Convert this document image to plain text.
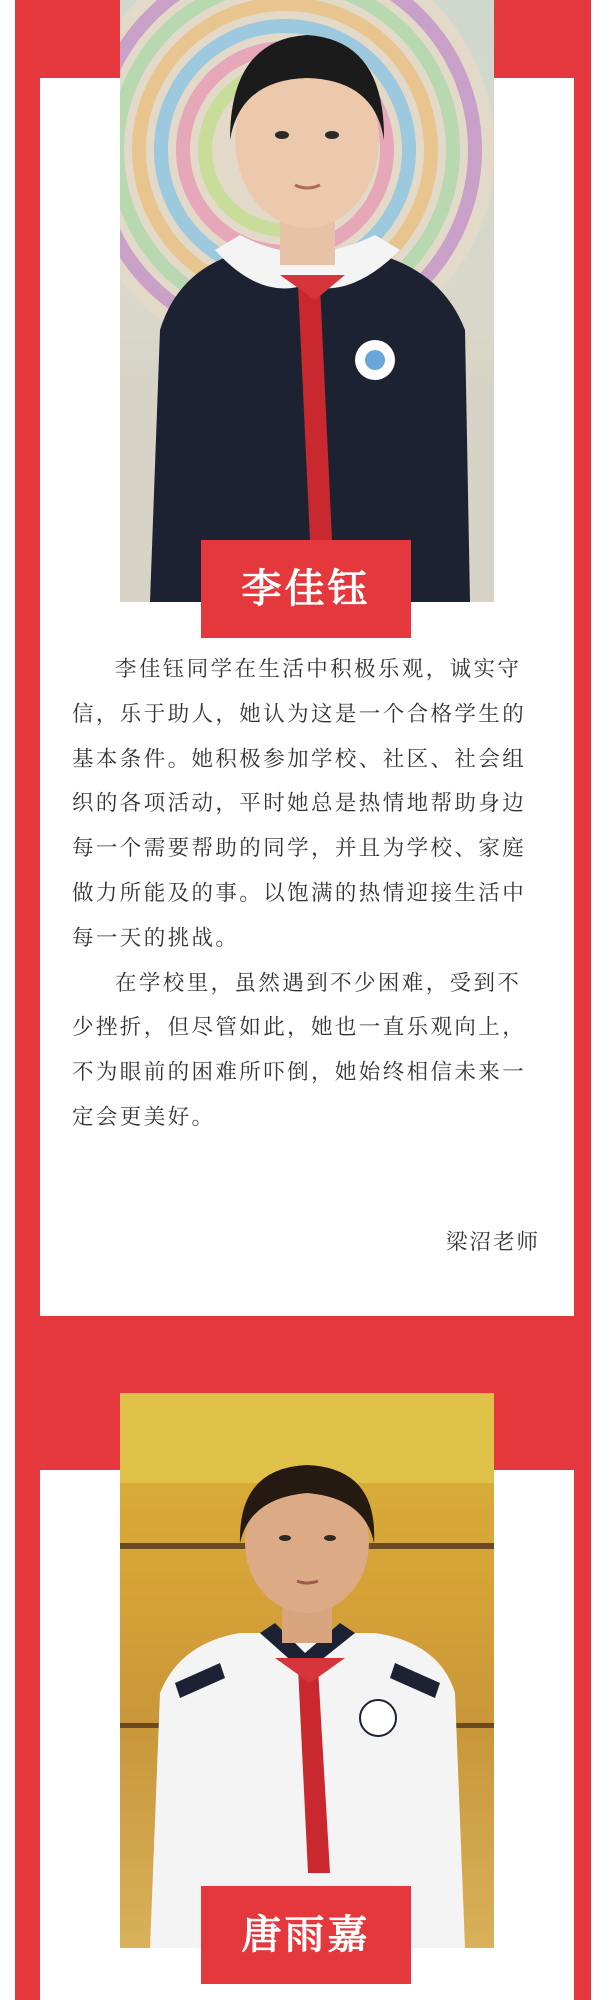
李佳钰

李佳钰同学在生活中积极乐观，诚实守信，乐于助人，她认为这是一个合格学生的基本条件。她积极参加学校、社区、社会组织的各项活动，平时她总是热情地帮助身边每一个需要帮助的同学，并且为学校、家庭做力所能及的事。以饱满的热情迎接生活中每一天的挑战。

在学校里，虽然遇到不少困难，受到不少挫折，但尽管如此，她也一直乐观向上，不为眼前的困难所吓倒，她始终相信未来一定会更美好。

梁沼老师
唐雨嘉
